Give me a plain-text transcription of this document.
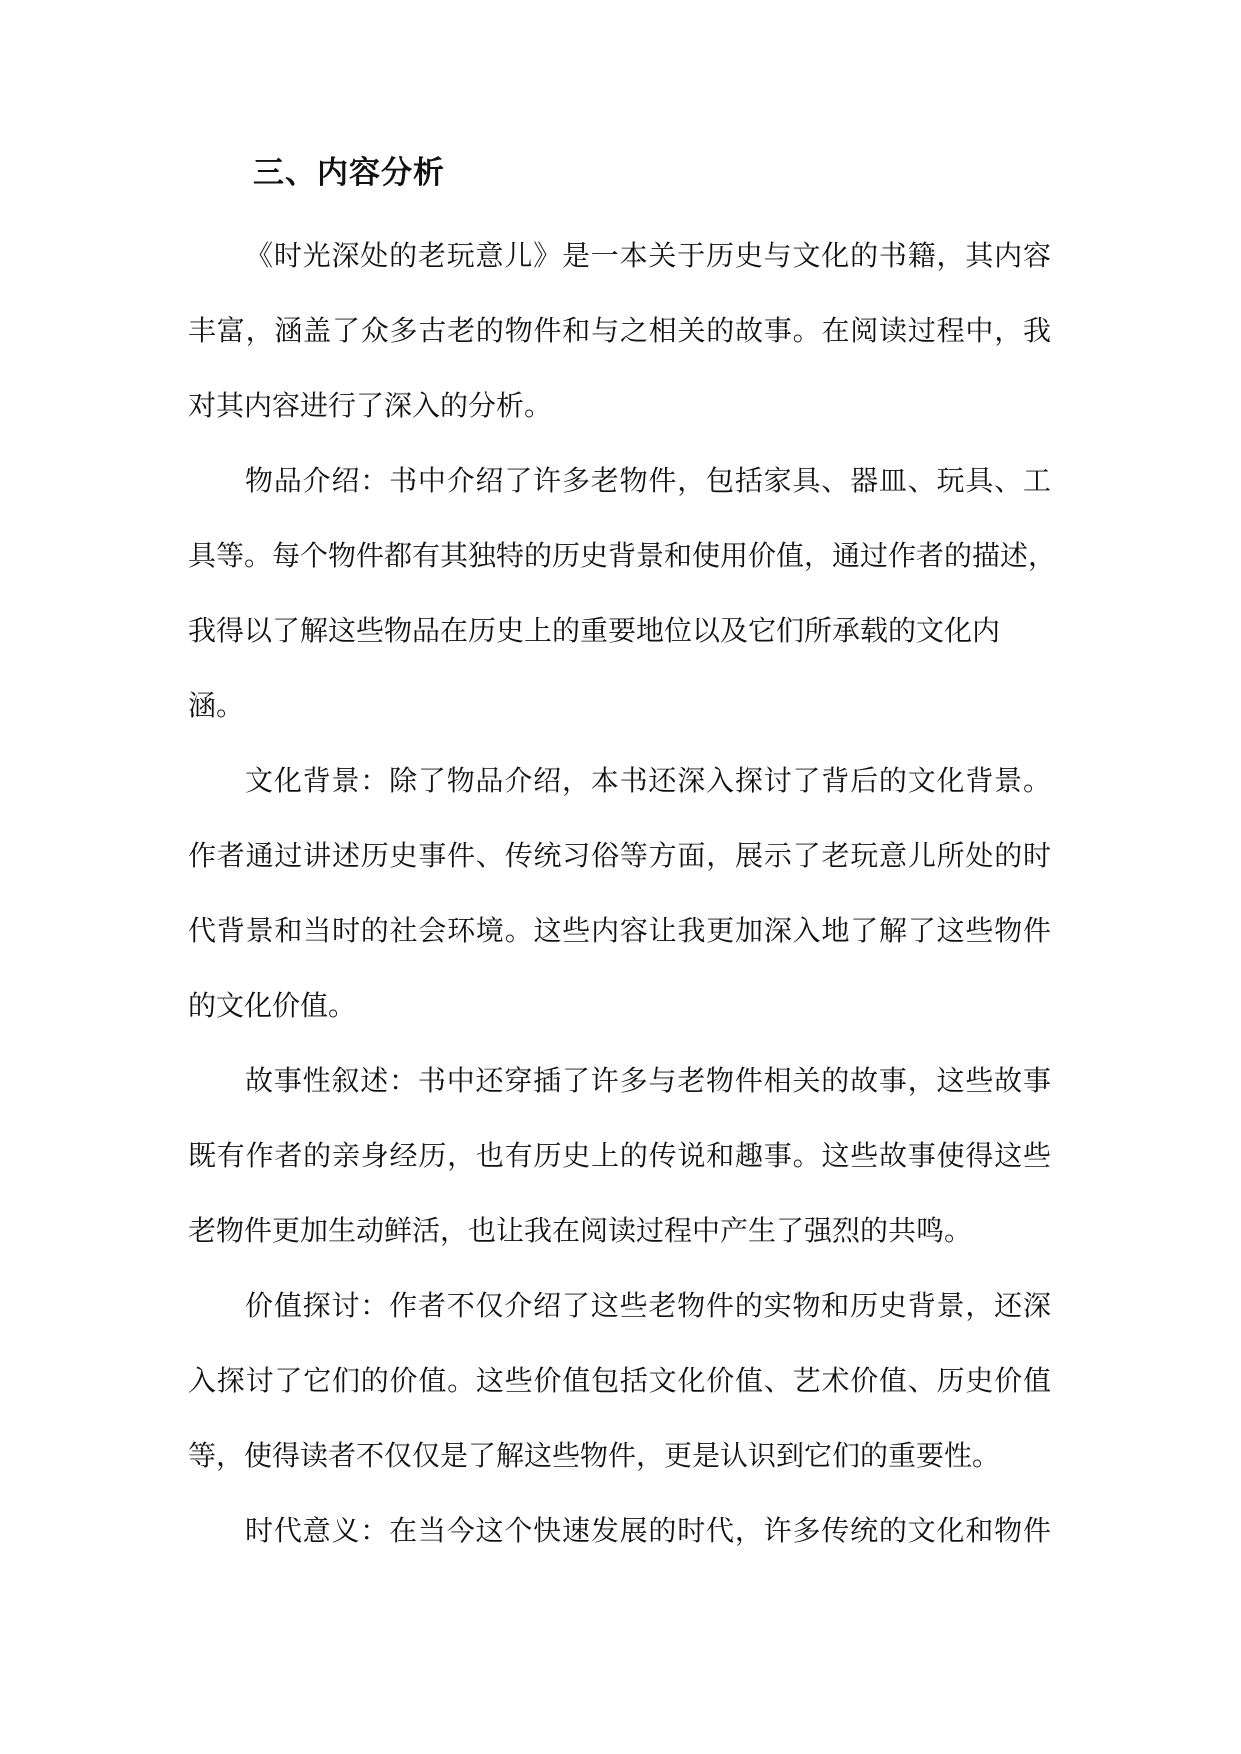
三、内容分析

《时光深处的老玩意儿》是一本关于历史与文化的书籍，其内容

丰富，涵盖了众多古老的物件和与之相关的故事。在阅读过程中，我

对其内容进行了深入的分析。

物品介绍：书中介绍了许多老物件，包括家具、器皿、玩具、工

具等。每个物件都有其独特的历史背景和使用价值，通过作者的描述，

我得以了解这些物品在历史上的重要地位以及它们所承载的文化内

涵。

文化背景：除了物品介绍，本书还深入探讨了背后的文化背景。

作者通过讲述历史事件、传统习俗等方面，展示了老玩意儿所处的时

代背景和当时的社会环境。这些内容让我更加深入地了解了这些物件

的文化价值。

故事性叙述：书中还穿插了许多与老物件相关的故事，这些故事

既有作者的亲身经历，也有历史上的传说和趣事。这些故事使得这些

老物件更加生动鲜活，也让我在阅读过程中产生了强烈的共鸣。

价值探讨：作者不仅介绍了这些老物件的实物和历史背景，还深

入探讨了它们的价值。这些价值包括文化价值、艺术价值、历史价值

等，使得读者不仅仅是了解这些物件，更是认识到它们的重要性。

时代意义：在当今这个快速发展的时代，许多传统的文化和物件
